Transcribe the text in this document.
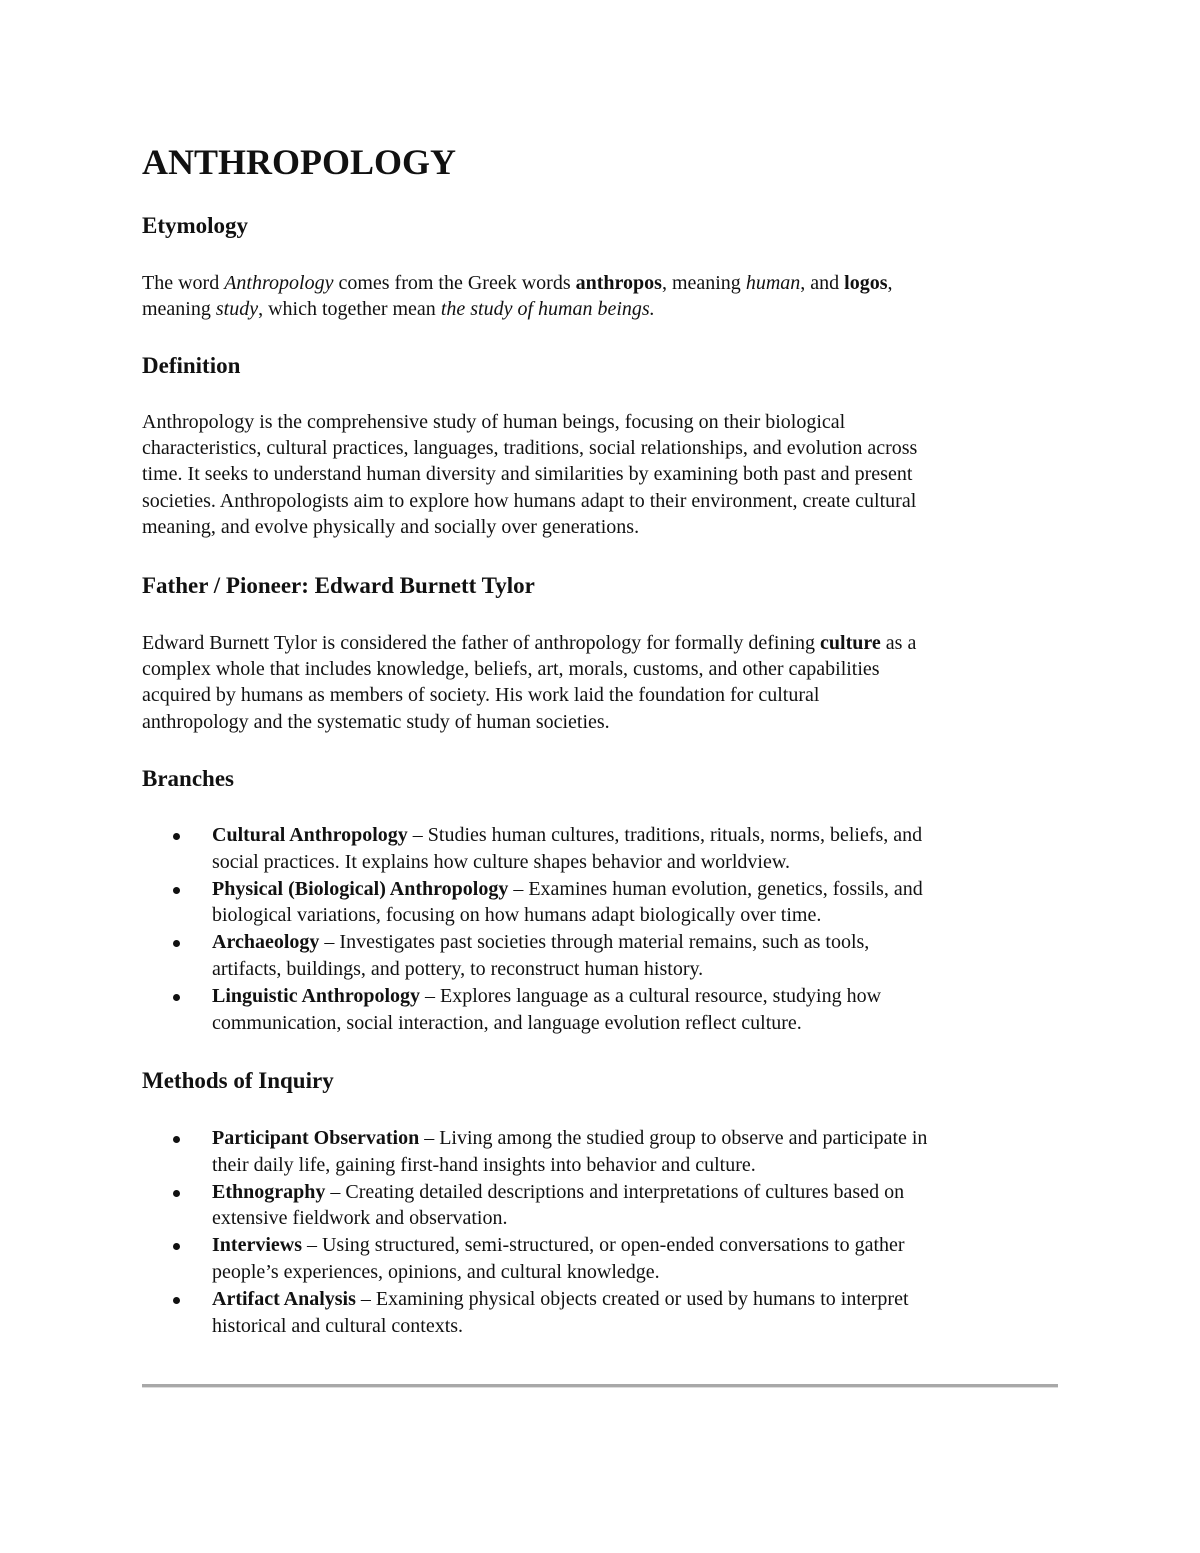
ANTHROPOLOGY
Etymology

The word Anthropology comes from the Greek words anthropos, meaning human, and logos,
meaning study, which together mean the study of human beings.

Definition

Anthropology is the comprehensive study of human beings, focusing on their biological
characteristics, cultural practices, languages, traditions, social relationships, and evolution across
time. It seeks to understand human diversity and similarities by examining both past and present
societies. Anthropologists aim to explore how humans adapt to their environment, create cultural
meaning, and evolve physically and socially over generations.

Father / Pioneer: Edward Burnett Tylor

Edward Burnett Tylor is considered the father of anthropology for formally defining culture as a
complex whole that includes knowledge, beliefs, art, morals, customs, and other capabilities
acquired by humans as members of society. His work laid the foundation for cultural
anthropology and the systematic study of human societies.

Branches
Cultural Anthropology – Studies human cultures, traditions, rituals, norms, beliefs, and
social practices. It explains how culture shapes behavior and worldview.
Physical (Biological) Anthropology – Examines human evolution, genetics, fossils, and
biological variations, focusing on how humans adapt biologically over time.
Archaeology – Investigates past societies through material remains, such as tools,
artifacts, buildings, and pottery, to reconstruct human history.
Linguistic Anthropology – Explores language as a cultural resource, studying how
communication, social interaction, and language evolution reflect culture.
Methods of Inquiry
Participant Observation – Living among the studied group to observe and participate in
their daily life, gaining first-hand insights into behavior and culture.
Ethnography – Creating detailed descriptions and interpretations of cultures based on
extensive fieldwork and observation.
Interviews – Using structured, semi-structured, or open-ended conversations to gather
people’s experiences, opinions, and cultural knowledge.
Artifact Analysis – Examining physical objects created or used by humans to interpret
historical and cultural contexts.
